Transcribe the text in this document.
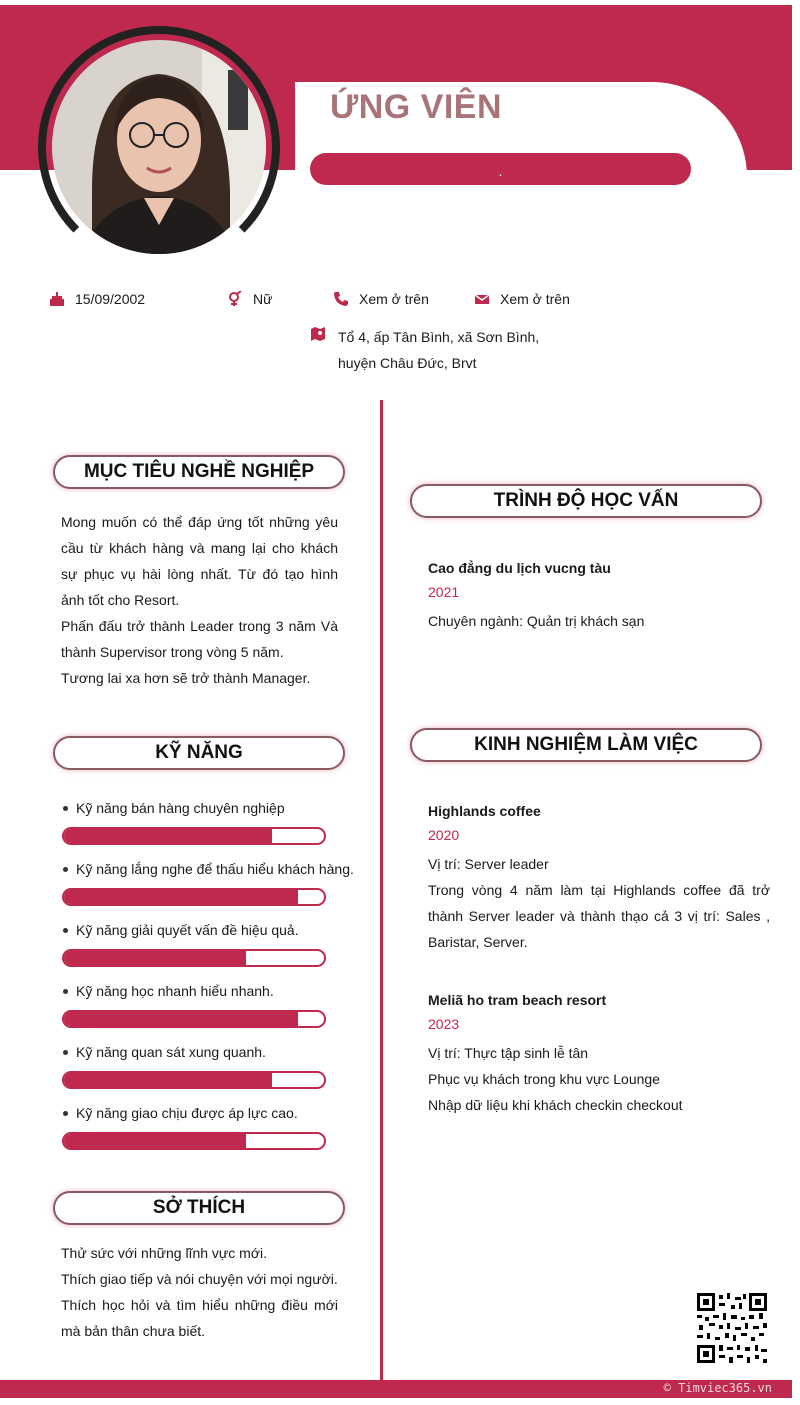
ỨNG VIÊN
.
15/09/2002	Nữ	Xem ở trên	Xem ở trên
Tổ 4, ấp Tân Bình, xã Sơn Bình,
huyện Châu Đức, Brvt
MỤC TIÊU NGHỀ NGHIỆP
Mong muốn có thể đáp ứng tốt những yêu cầu từ khách hàng và mang lại cho khách sự phục vụ hài lòng nhất. Từ đó tạo hình ảnh tốt cho Resort.
Phấn đấu trở thành Leader trong 3 năm Và thành Supervisor trong vòng 5 năm.
Tương lai xa hơn sẽ trở thành Manager.
KỸ NĂNG
Kỹ năng bán hàng chuyên nghiệp
Kỹ năng lắng nghe để thấu hiểu khách hàng.
Kỹ năng giải quyết vấn đề hiệu quả.
Kỹ năng học nhanh hiểu nhanh.
Kỹ năng quan sát xung quanh.
Kỹ năng giao chịu được áp lực cao.
SỞ THÍCH
Thử sức với những lĩnh vực mới.
Thích giao tiếp và nói chuyện với mọi người.
Thích học hỏi và tìm hiểu những điều mới mà bản thân chưa biết.
TRÌNH ĐỘ HỌC VẤN
Cao đẳng du lịch vucng tàu
2021
Chuyên ngành: Quản trị khách sạn
KINH NGHIỆM LÀM VIỆC
Highlands coffee
2020
Vị trí: Server leader
Trong vòng 4 năm làm tại Highlands coffee đã trở thành Server leader và thành thạo cả 3 vị trí: Sales , Baristar, Server.
Meliã ho tram beach resort
2023
Vị trí: Thực tập sinh lễ tân
Phục vụ khách trong khu vực Lounge
Nhập dữ liệu khi khách checkin checkout
© Timviec365.vn
